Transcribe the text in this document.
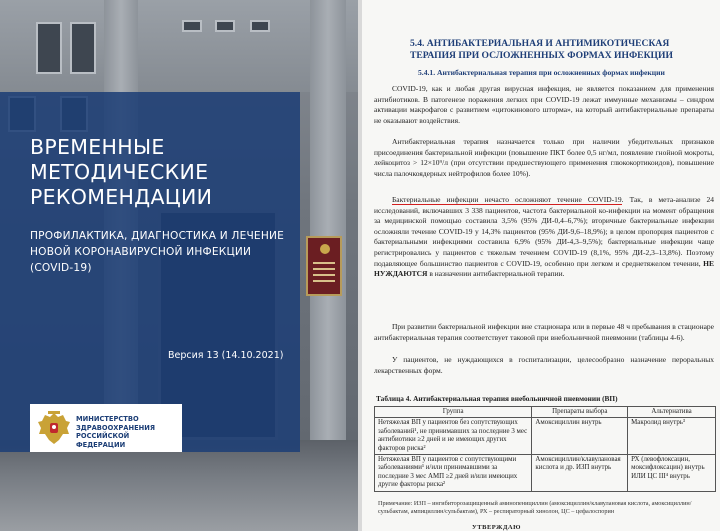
ВРЕМЕННЫЕ МЕТОДИЧЕСКИЕ РЕКОМЕНДАЦИИ
ПРОФИЛАКТИКА, ДИАГНОСТИКА И ЛЕЧЕНИЕ НОВОЙ КОРОНАВИРУСНОЙ ИНФЕКЦИИ (COVID-19)
Версия 13 (14.10.2021)
МИНИСТЕРСТВО ЗДРАВООХРАНЕНИЯ РОССИЙСКОЙ ФЕДЕРАЦИИ
5.4. АНТИБАКТЕРИАЛЬНАЯ И АНТИМИКОТИЧЕСКАЯ ТЕРАПИЯ ПРИ ОСЛОЖНЕННЫХ ФОРМАХ ИНФЕКЦИИ
5.4.1. Антибактериальная терапия при осложненных формах инфекции

COVID-19, как и любая другая вирусная инфекция, не является показанием для применения антибиотиков. В патогенезе поражения легких при COVID-19 лежат иммунные механизмы – синдром активации макрофагов с развитием «цитокинового шторма», на который антибактериальные препараты не оказывают воздействия.

Антибактериальная терапия назначается только при наличии убедительных признаков присоединения бактериальной инфекции (повышение ПКТ более 0,5 нг/мл, появление гнойной мокроты, лейкоцитоз > 12×10⁹/л (при отсутствии предшествующего применения глюкокортикоидов), повышение числа палочкоядерных нейтрофилов более 10%).

Бактериальные инфекции нечасто осложняют течение COVID-19. Так, в мета-анализе 24 исследований, включавших 3 338 пациентов, частота бактериальной ко-инфекции на момент обращения за медицинской помощью составила 3,5% (95% ДИ-0,4–6,7%); вторичные бактериальные инфекции осложняли течение COVID-19 у 14,3% пациентов (95% ДИ-9,6–18,9%); в целом пропорция пациентов с бактериальными инфекциями составила 6,9% (95% ДИ-4,3–9,5%); бактериальные инфекции чаще регистрировались у пациентов с тяжелым течением COVID-19 (8,1%, 95% ДИ-2,3–13,8%). Поэтому подавляющее большинство пациентов с COVID-19, особенно при легком и среднетяжелом течении, НЕ НУЖДАЮТСЯ в назначении антибактериальной терапии.

При развитии бактериальной инфекции вне стационара или в первые 48 ч пребывания в стационаре антибактериальная терапия соответствует таковой при внебольничной пневмонии (таблицы 4-6).

У пациентов, не нуждающихся в госпитализации, целесообразно назначение пероральных лекарственных форм.

Таблица 4. Антибактериальная терапия внебольничной пневмонии (ВП)
Группа	Препараты выбора	Альтернатива
Нетяжелая ВП у пациентов без сопутствующих заболеваний¹, не принимавших за последние 3 мес антибиотики ≥2 дней и не имеющих других факторов риска²	Амоксициллин внутрь	Макролид внутрь³
Нетяжелая ВП у пациентов с сопутствующими заболеваниями¹ и/или принимавшими за последние 3 мес АМП ≥2 дней и/или имеющих другие факторы риска²	Амоксициллин/клавулановая кислота и др. ИЗП внутрь	РХ (левофлоксацин, моксифлоксацин) внутрь ИЛИ ЦС III⁴ внутрь
Примечание: ИЗП – ингибиторозащищенный аминопенициллин (амоксициллин/клавулановая кислота, амоксициллин/сульбактам, ампициллин/сульбактам), РХ – респираторный хинолон, ЦС – цефалоспорин
УТВЕРЖДАЮ
